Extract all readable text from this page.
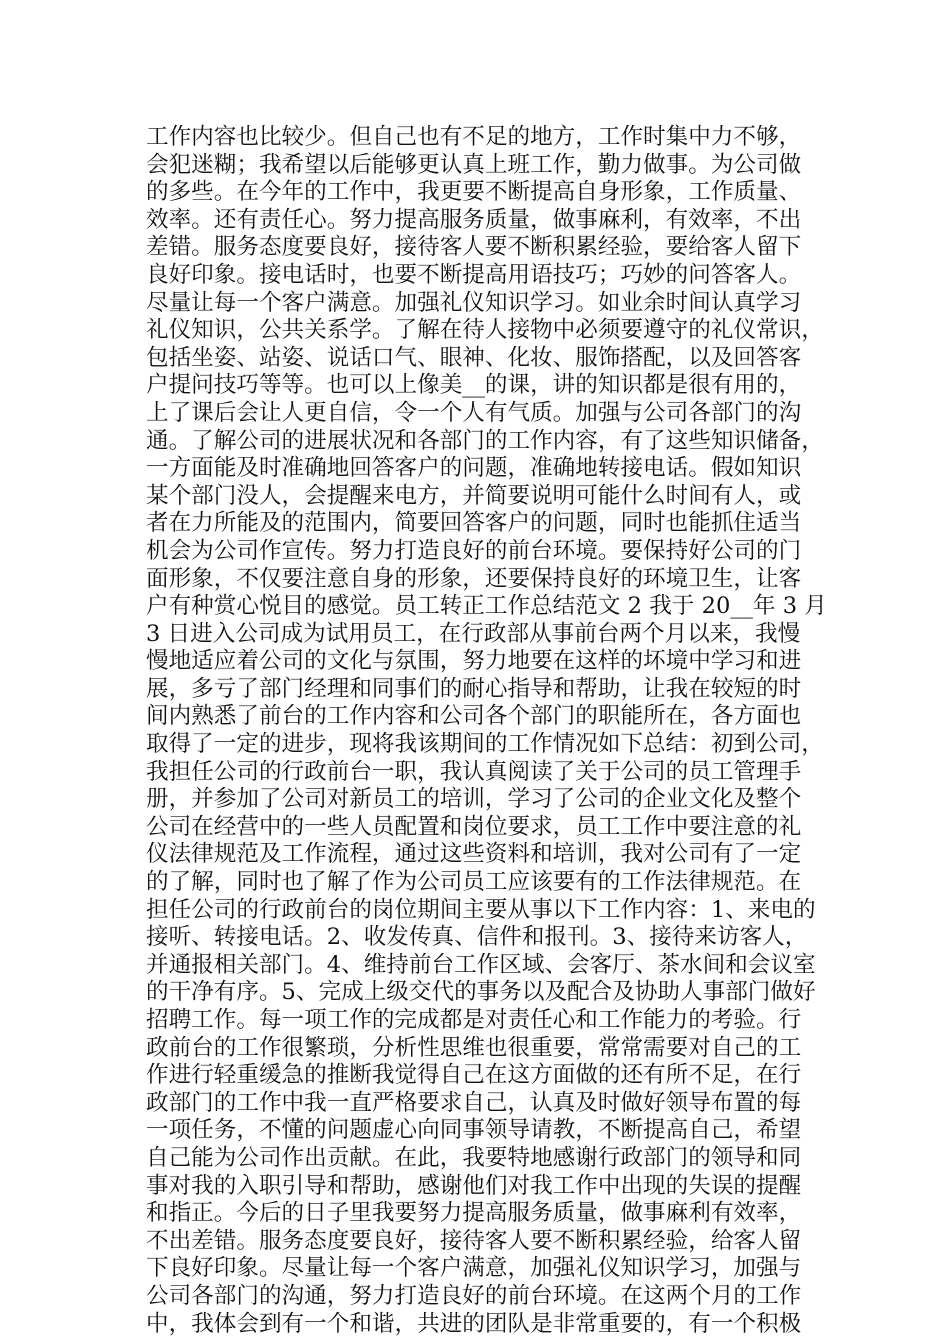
工作内容也比较少。但自己也有不足的地方，工作时集中力不够，
会犯迷糊；我希望以后能够更认真上班工作，勤力做事。为公司做
的多些。在今年的工作中，我更要不断提高自身形象，工作质量、
效率。还有责任心。努力提高服务质量，做事麻利，有效率，不出
差错。服务态度要良好，接待客人要不断积累经验，要给客人留下
良好印象。接电话时，也要不断提高用语技巧；巧妙的问答客人。
尽量让每一个客户满意。加强礼仪知识学习。如业余时间认真学习
礼仪知识，公共关系学。了解在待人接物中必须要遵守的礼仪常识，
包括坐姿、站姿、说话口气、眼神、化妆、服饰搭配，以及回答客
户提问技巧等等。也可以上像美__的课，讲的知识都是很有用的，
上了课后会让人更自信，令一个人有气质。加强与公司各部门的沟
通。了解公司的进展状况和各部门的工作内容，有了这些知识储备，
一方面能及时准确地回答客户的问题，准确地转接电话。假如知识
某个部门没人，会提醒来电方，并简要说明可能什么时间有人，或
者在力所能及的范围内，简要回答客户的问题，同时也能抓住适当
机会为公司作宣传。努力打造良好的前台环境。要保持好公司的门
面形象，不仅要注意自身的形象，还要保持良好的环境卫生，让客
户有种赏心悦目的感觉。员工转正工作总结范文 2 我于 20__年 3 月
3 日进入公司成为试用员工，在行政部从事前台两个月以来，我慢
慢地适应着公司的文化与氛围，努力地要在这样的坏境中学习和进
展，多亏了部门经理和同事们的耐心指导和帮助，让我在较短的时
间内熟悉了前台的工作内容和公司各个部门的职能所在，各方面也
取得了一定的进步，现将我该期间的工作情况如下总结：初到公司，
我担任公司的行政前台一职，我认真阅读了关于公司的员工管理手
册，并参加了公司对新员工的培训，学习了公司的企业文化及整个
公司在经营中的一些人员配置和岗位要求，员工工作中要注意的礼
仪法律规范及工作流程，通过这些资料和培训，我对公司有了一定
的了解，同时也了解了作为公司员工应该要有的工作法律规范。在
担任公司的行政前台的岗位期间主要从事以下工作内容：1、来电的
接听、转接电话。2、收发传真、信件和报刊。3、接待来访客人，
并通报相关部门。4、维持前台工作区域、会客厅、茶水间和会议室
的干净有序。5、完成上级交代的事务以及配合及协助人事部门做好
招聘工作。每一项工作的完成都是对责任心和工作能力的考验。行
政前台的工作很繁琐，分析性思维也很重要，常常需要对自己的工
作进行轻重缓急的推断我觉得自己在这方面做的还有所不足，在行
政部门的工作中我一直严格要求自己，认真及时做好领导布置的每
一项任务，不懂的问题虚心向同事领导请教，不断提高自己，希望
自己能为公司作出贡献。在此，我要特地感谢行政部门的领导和同
事对我的入职引导和帮助，感谢他们对我工作中出现的失误的提醒
和指正。今后的日子里我要努力提高服务质量，做事麻利有效率，
不出差错。服务态度要良好，接待客人要不断积累经验，给客人留
下良好印象。尽量让每一个客户满意，加强礼仪知识学习，加强与
公司各部门的沟通，努力打造良好的前台环境。在这两个月的工作
中，我体会到有一个和谐，共进的团队是非常重要的，有一个积极
